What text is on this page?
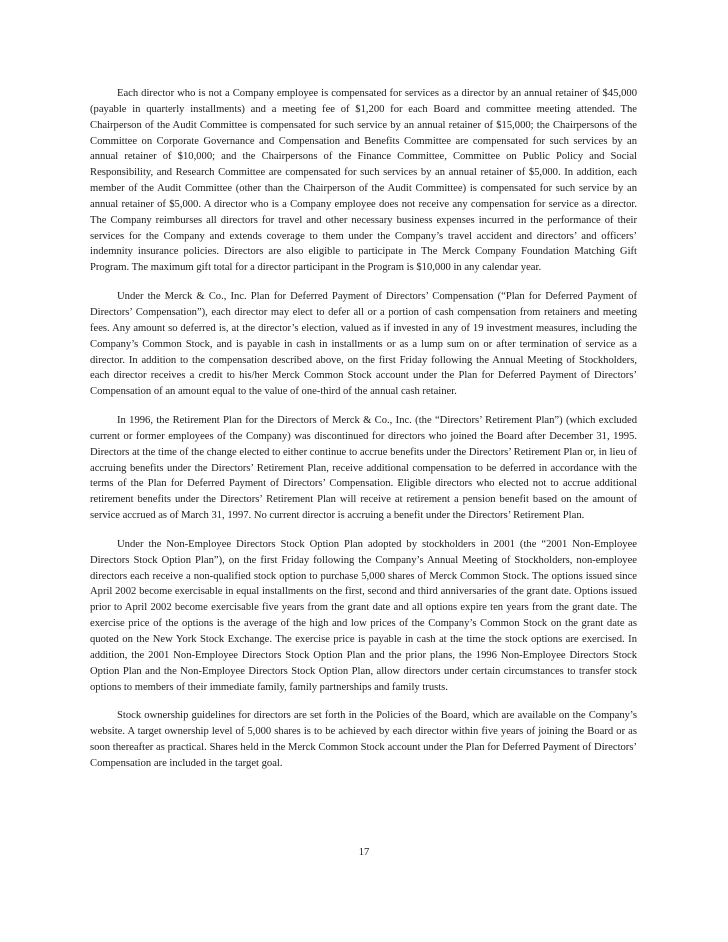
Each director who is not a Company employee is compensated for services as a director by an annual retainer of $45,000 (payable in quarterly installments) and a meeting fee of $1,200 for each Board and committee meeting attended. The Chairperson of the Audit Committee is compensated for such service by an annual retainer of $15,000; the Chairpersons of the Committee on Corporate Governance and Compensation and Benefits Committee are compensated for such services by an annual retainer of $10,000; and the Chairpersons of the Finance Committee, Committee on Public Policy and Social Responsibility, and Research Committee are compensated for such services by an annual retainer of $5,000. In addition, each member of the Audit Committee (other than the Chairperson of the Audit Committee) is compensated for such service by an annual retainer of $5,000. A director who is a Company employee does not receive any compensation for service as a director. The Company reimburses all directors for travel and other necessary business expenses incurred in the performance of their services for the Company and extends coverage to them under the Company’s travel accident and directors’ and officers’ indemnity insurance policies. Directors are also eligible to participate in The Merck Company Foundation Matching Gift Program. The maximum gift total for a director participant in the Program is $10,000 in any calendar year.

Under the Merck & Co., Inc. Plan for Deferred Payment of Directors’ Compensation (“Plan for Deferred Payment of Directors’ Compensation”), each director may elect to defer all or a portion of cash compensation from retainers and meeting fees. Any amount so deferred is, at the director’s election, valued as if invested in any of 19 investment measures, including the Company’s Common Stock, and is payable in cash in installments or as a lump sum on or after termination of service as a director. In addition to the compensation described above, on the first Friday following the Annual Meeting of Stockholders, each director receives a credit to his/her Merck Common Stock account under the Plan for Deferred Payment of Directors’ Compensation of an amount equal to the value of one-third of the annual cash retainer.

In 1996, the Retirement Plan for the Directors of Merck & Co., Inc. (the “Directors’ Retirement Plan”) (which excluded current or former employees of the Company) was discontinued for directors who joined the Board after December 31, 1995. Directors at the time of the change elected to either continue to accrue benefits under the Directors’ Retirement Plan or, in lieu of accruing benefits under the Directors’ Retirement Plan, receive additional compensation to be deferred in accordance with the terms of the Plan for Deferred Payment of Directors’ Compensation. Eligible directors who elected not to accrue additional retirement benefits under the Directors’ Retirement Plan will receive at retirement a pension benefit based on the amount of service accrued as of March 31, 1997. No current director is accruing a benefit under the Directors’ Retirement Plan.

Under the Non-Employee Directors Stock Option Plan adopted by stockholders in 2001 (the “2001 Non-Employee Directors Stock Option Plan”), on the first Friday following the Company’s Annual Meeting of Stockholders, non-employee directors each receive a non-qualified stock option to purchase 5,000 shares of Merck Common Stock. The options issued since April 2002 become exercisable in equal installments on the first, second and third anniversaries of the grant date. Options issued prior to April 2002 become exercisable five years from the grant date and all options expire ten years from the grant date. The exercise price of the options is the average of the high and low prices of the Company’s Common Stock on the grant date as quoted on the New York Stock Exchange. The exercise price is payable in cash at the time the stock options are exercised. In addition, the 2001 Non-Employee Directors Stock Option Plan and the prior plans, the 1996 Non-Employee Directors Stock Option Plan and the Non-Employee Directors Stock Option Plan, allow directors under certain circumstances to transfer stock options to members of their immediate family, family partnerships and family trusts.

Stock ownership guidelines for directors are set forth in the Policies of the Board, which are available on the Company’s website. A target ownership level of 5,000 shares is to be achieved by each director within five years of joining the Board or as soon thereafter as practical. Shares held in the Merck Common Stock account under the Plan for Deferred Payment of Directors’ Compensation are included in the target goal.

17
